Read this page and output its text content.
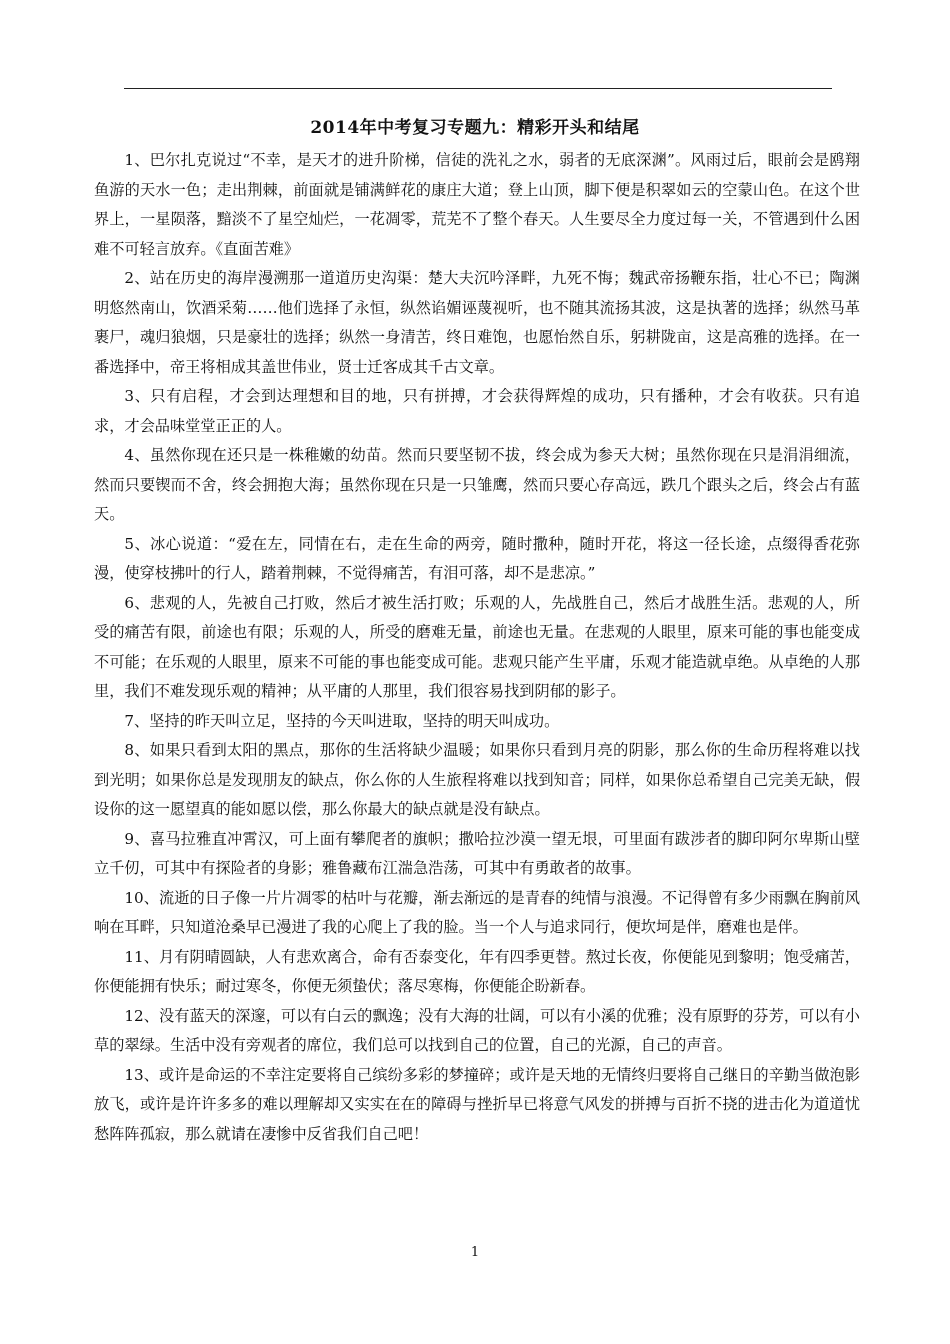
2014年中考复习专题九：精彩开头和结尾

1、巴尔扎克说过“不幸，是天才的进升阶梯，信徒的洗礼之水，弱者的无底深渊”。风雨过后，眼前会是鸥翔鱼游的天水一色；走出荆棘，前面就是铺满鲜花的康庄大道；登上山顶，脚下便是积翠如云的空蒙山色。在这个世界上，一星陨落，黯淡不了星空灿烂，一花凋零，荒芜不了整个春天。人生要尽全力度过每一关，不管遇到什么困难不可轻言放弃。《直面苦难》

2、站在历史的海岸漫溯那一道道历史沟渠：楚大夫沉吟泽畔，九死不悔；魏武帝扬鞭东指，壮心不已；陶渊明悠然南山，饮酒采菊……他们选择了永恒，纵然谄媚诬蔑视听，也不随其流扬其波，这是执著的选择；纵然马革裹尸，魂归狼烟，只是豪壮的选择；纵然一身清苦，终日难饱，也愿怡然自乐，躬耕陇亩，这是高雅的选择。在一番选择中，帝王将相成其盖世伟业，贤士迁客成其千古文章。

3、只有启程，才会到达理想和目的地，只有拼搏，才会获得辉煌的成功，只有播种，才会有收获。只有追求，才会品味堂堂正正的人。

4、虽然你现在还只是一株稚嫩的幼苗。然而只要坚韧不拔，终会成为参天大树；虽然你现在只是涓涓细流，然而只要锲而不舍，终会拥抱大海；虽然你现在只是一只雏鹰，然而只要心存高远，跌几个跟头之后，终会占有蓝天。

5、冰心说道：“爱在左，同情在右，走在生命的两旁，随时撒种，随时开花，将这一径长途，点缀得香花弥漫，使穿枝拂叶的行人，踏着荆棘，不觉得痛苦，有泪可落，却不是悲凉。”

6、悲观的人，先被自己打败，然后才被生活打败；乐观的人，先战胜自己，然后才战胜生活。悲观的人，所受的痛苦有限，前途也有限；乐观的人，所受的磨难无量，前途也无量。在悲观的人眼里，原来可能的事也能变成不可能；在乐观的人眼里，原来不可能的事也能变成可能。悲观只能产生平庸，乐观才能造就卓绝。从卓绝的人那里，我们不难发现乐观的精神；从平庸的人那里，我们很容易找到阴郁的影子。

7、坚持的昨天叫立足，坚持的今天叫进取，坚持的明天叫成功。

8、如果只看到太阳的黑点，那你的生活将缺少温暖；如果你只看到月亮的阴影，那么你的生命历程将难以找到光明；如果你总是发现朋友的缺点，你么你的人生旅程将难以找到知音；同样，如果你总希望自己完美无缺，假设你的这一愿望真的能如愿以偿，那么你最大的缺点就是没有缺点。

9、喜马拉雅直冲霄汉，可上面有攀爬者的旗帜；撒哈拉沙漠一望无垠，可里面有跋涉者的脚印阿尔卑斯山壁立千仞，可其中有探险者的身影；雅鲁藏布江湍急浩荡，可其中有勇敢者的故事。

10、流逝的日子像一片片凋零的枯叶与花瓣，渐去渐远的是青春的纯情与浪漫。不记得曾有多少雨飘在胸前风响在耳畔，只知道沧桑早已漫进了我的心爬上了我的脸。当一个人与追求同行，便坎坷是伴，磨难也是伴。

11、月有阴晴圆缺，人有悲欢离合，命有否泰变化，年有四季更替。熬过长夜，你便能见到黎明；饱受痛苦，你便能拥有快乐；耐过寒冬，你便无须蛰伏；落尽寒梅，你便能企盼新春。

12、没有蓝天的深邃，可以有白云的飘逸；没有大海的壮阔，可以有小溪的优雅；没有原野的芬芳，可以有小草的翠绿。生活中没有旁观者的席位，我们总可以找到自己的位置，自己的光源，自己的声音。

13、或许是命运的不幸注定要将自己缤纷多彩的梦撞碎；或许是天地的无情终归要将自己继日的辛勤当做泡影放飞，或许是许许多多的难以理解却又实实在在的障碍与挫折早已将意气风发的拼搏与百折不挠的进击化为道道忧愁阵阵孤寂，那么就请在凄惨中反省我们自己吧！

1
